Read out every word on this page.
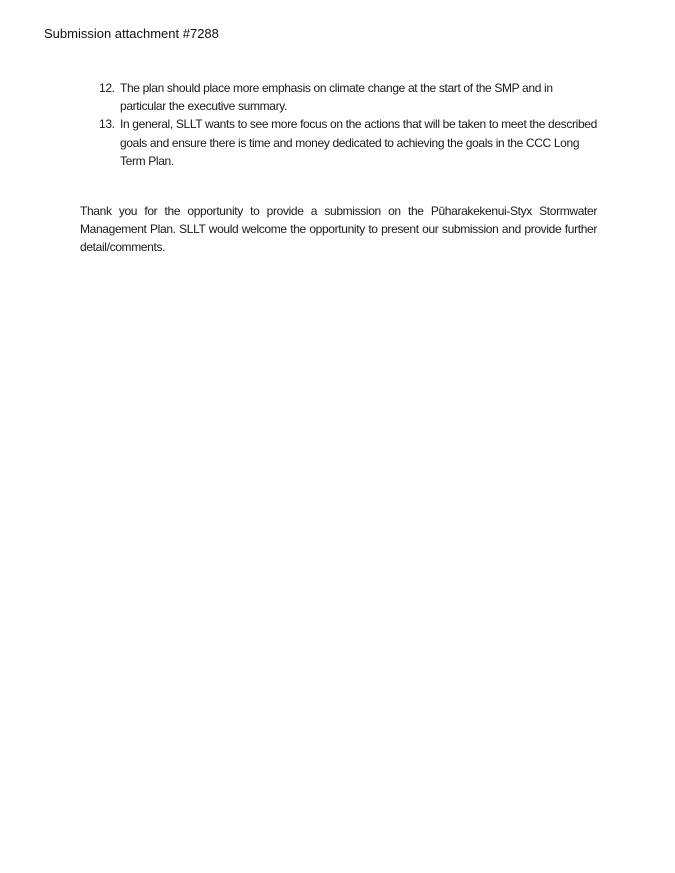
Submission attachment #7288
12. The plan should place more emphasis on climate change at the start of the SMP and in particular the executive summary.
13. In general, SLLT wants to see more focus on the actions that will be taken to meet the described goals and ensure there is time and money dedicated to achieving the goals in the CCC Long Term Plan.

Thank you for the opportunity to provide a submission on the Pūharakekenui-Styx Stormwater Management Plan. SLLT would welcome the opportunity to present our submission and provide further detail/comments.
